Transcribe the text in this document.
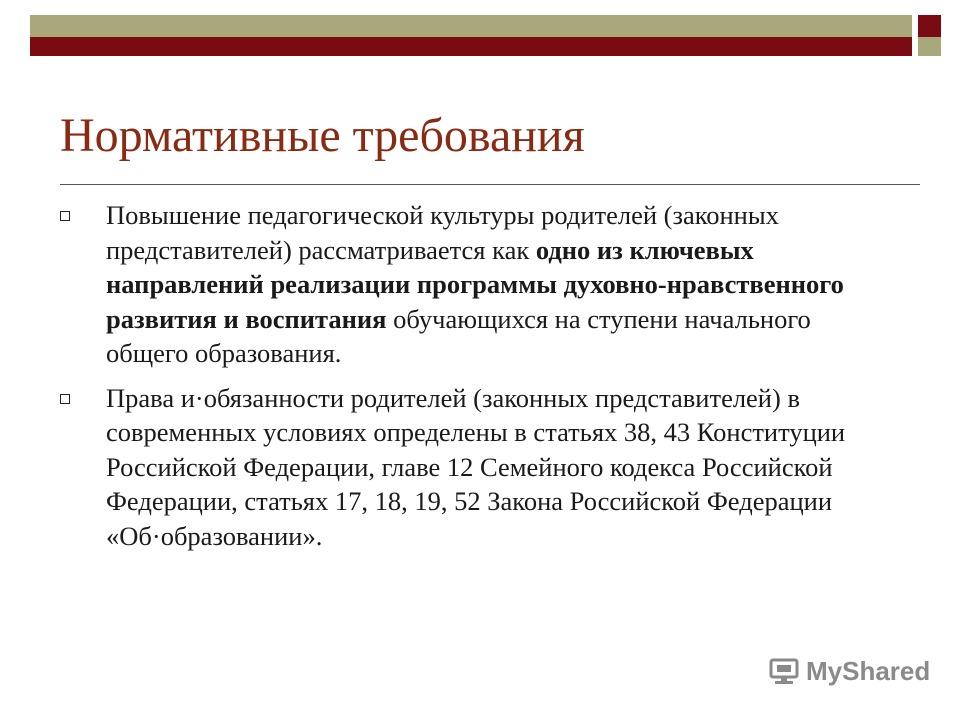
Нормативные требования
Повышение педагогической культуры родителей (законных представителей) рассматривается как одно из ключевых направлений реализации программы духовно-нравственного развития и воспитания обучающихся на ступени начального общего образования.
Права и·обязанности родителей (законных представителей) в современных условиях определены в статьях 38, 43 Конституции Российской Федерации, главе 12 Семейного кодекса Российской Федерации, статьях 17, 18, 19, 52 Закона Российской Федерации «Об·образовании».
MyShared
